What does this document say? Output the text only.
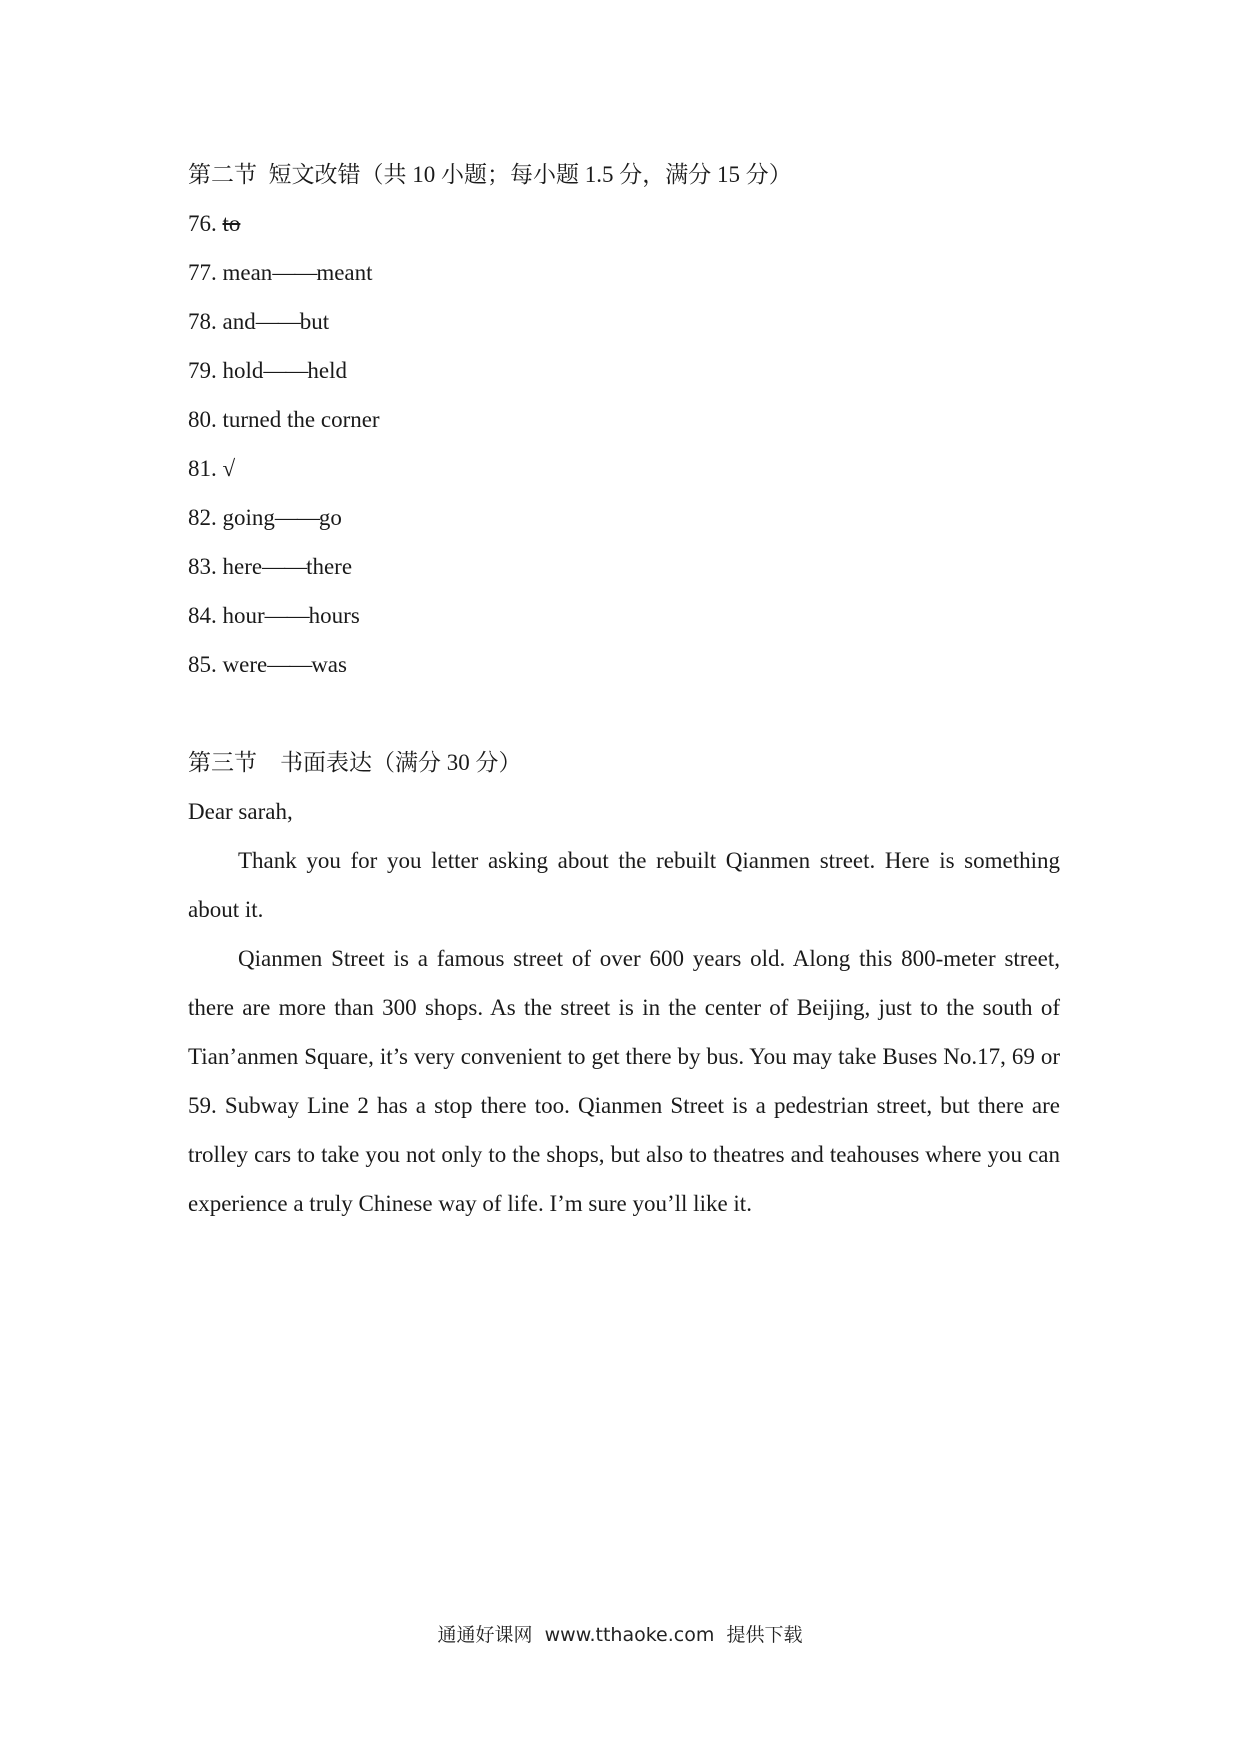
第二节  短文改错（共 10 小题；每小题 1.5 分，满分 15 分）
76. to
77. mean——meant
78. and——but
79. hold——held
80. turned the corner
81. √
82. going——go
83. here——there
84. hour——hours
85. were——was
第三节    书面表达（满分 30 分）

Dear sarah,

Thank you for you letter asking about the rebuilt Qianmen street. Here is something about it.

Qianmen Street is a famous street of over 600 years old. Along this 800-meter street, there are more than 300 shops. As the street is in the center of Beijing, just to the south of Tian’anmen Square, it’s very convenient to get there by bus. You may take Buses No.17, 69 or 59. Subway Line 2 has a stop there too. Qianmen Street is a pedestrian street, but there are trolley cars to take you not only to the shops, but also to theatres and teahouses where you can experience a truly Chinese way of life. I’m sure you’ll like it.

通通好课网  www.tthaoke.com  提供下载
